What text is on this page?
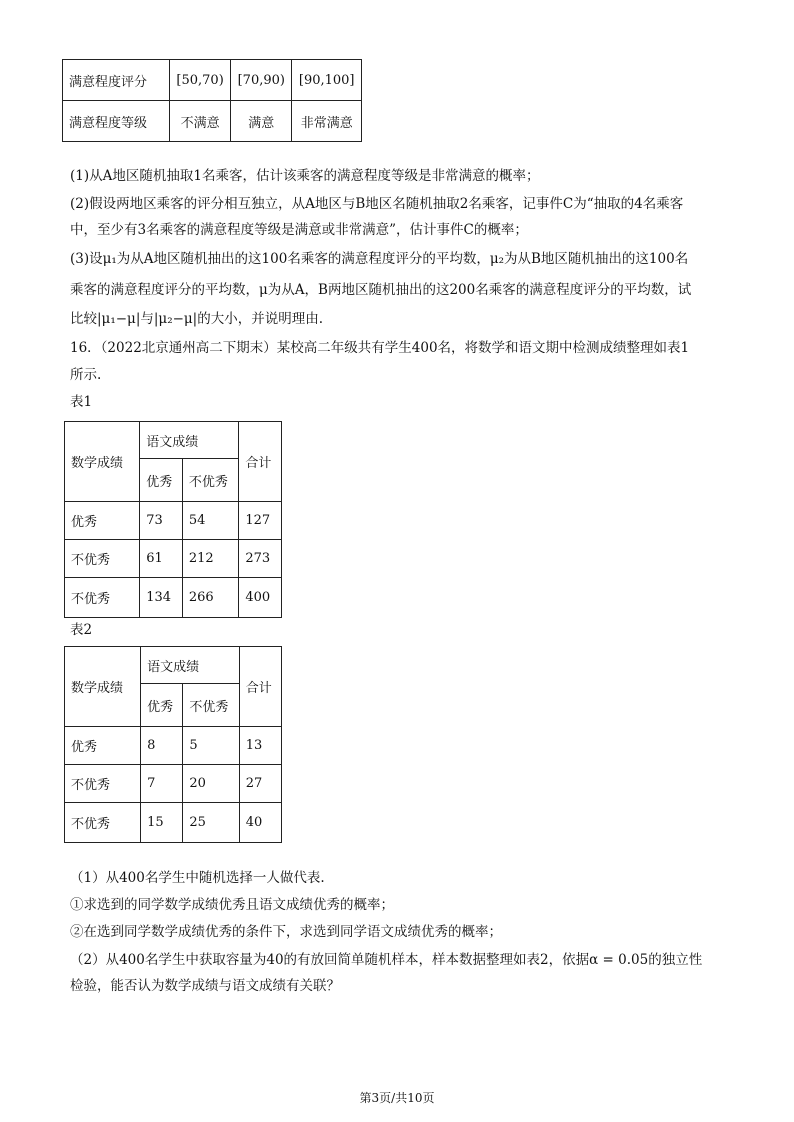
满意程度评分	[50,70)	[70,90)	[90,100]
满意程度等级	不满意	满意	非常满意
(1)从A地区随机抽取1名乘客，估计该乘客的满意程度等级是非常满意的概率；
(2)假设两地区乘客的评分相互独立，从A地区与B地区名随机抽取2名乘客，记事件C为“抽取的4名乘客
中，至少有3名乘客的满意程度等级是满意或非常满意”，估计事件C的概率；
(3)设μ₁为从A地区随机抽出的这100名乘客的满意程度评分的平均数，μ₂为从B地区随机抽出的这100名
乘客的满意程度评分的平均数，μ为从A，B两地区随机抽出的这200名乘客的满意程度评分的平均数，试
比较|μ₁−μ|与|μ₂−μ|的大小，并说明理由.
16．（2022北京通州高二下期末）某校高二年级共有学生400名，将数学和语文期中检测成绩整理如表1
所示.
表1
数学成绩	语文成绩		合计
	优秀	不优秀	
优秀	73	54	127
不优秀	61	212	273
不优秀	134	266	400
表2
数学成绩	语文成绩		合计
	优秀	不优秀	
优秀	8	5	13
不优秀	7	20	27
不优秀	15	25	40
（1）从400名学生中随机选择一人做代表.
①求选到的同学数学成绩优秀且语文成绩优秀的概率；
②在选到同学数学成绩优秀的条件下，求选到同学语文成绩优秀的概率；
（2）从400名学生中获取容量为40的有放回简单随机样本，样本数据整理如表2，依据α = 0.05的独立性
检验，能否认为数学成绩与语文成绩有关联？
第3页/共10页
